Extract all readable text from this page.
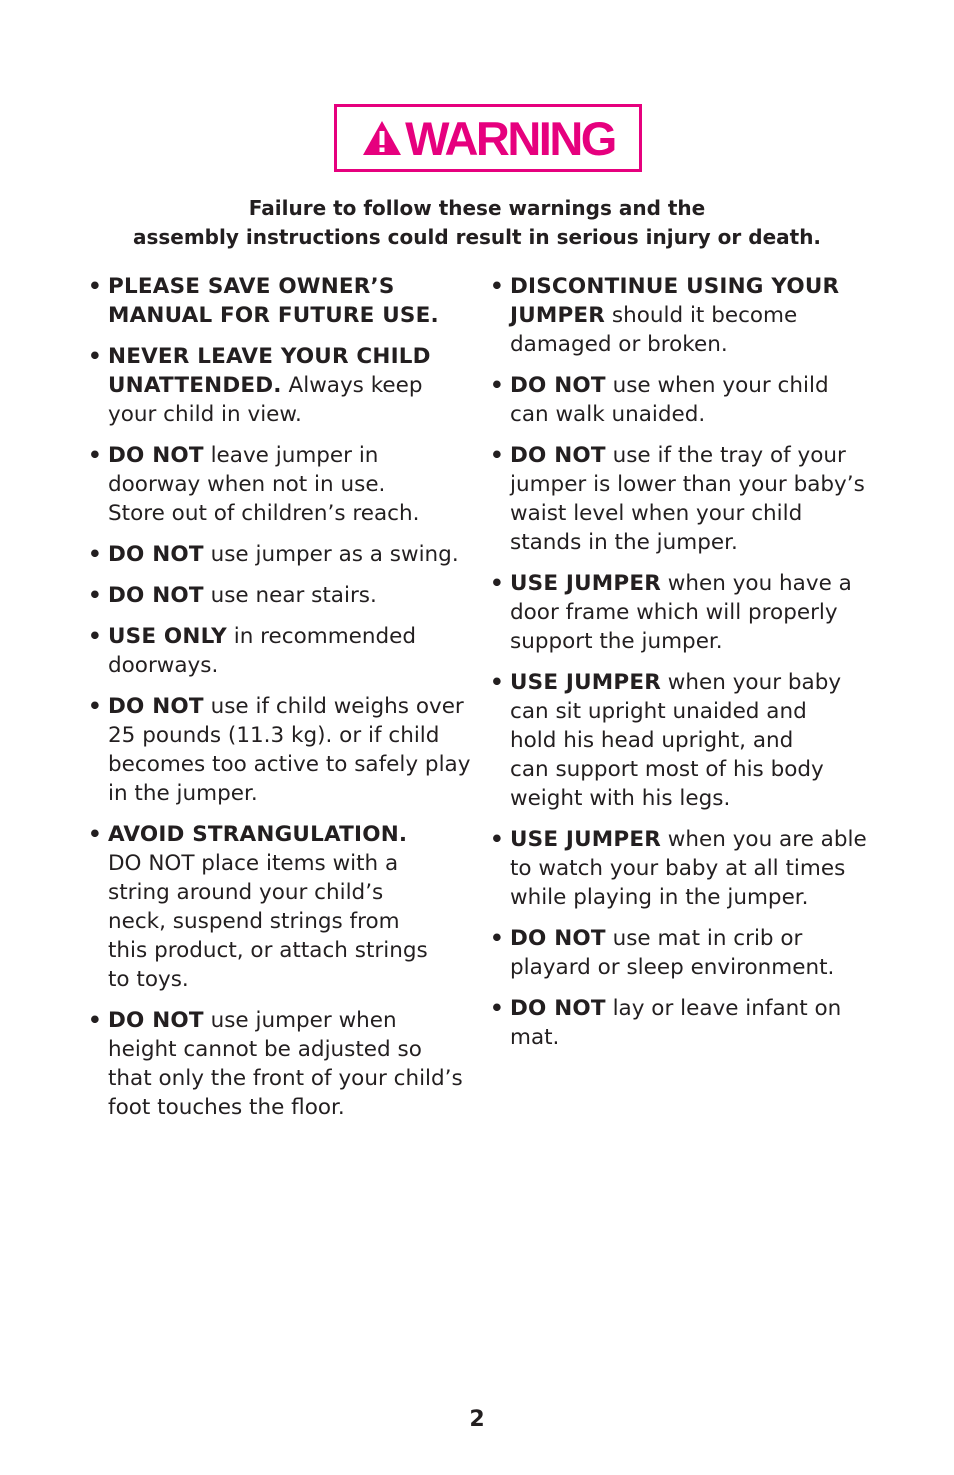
WARNING
Failure to follow these warnings and the
assembly instructions could result in serious injury or death.
• PLEASE SAVE OWNER’S
MANUAL FOR FUTURE USE.
• NEVER LEAVE YOUR CHILD
UNATTENDED. Always keep
your child in view.
• DO NOT leave jumper in
doorway when not in use.
Store out of children’s reach.
• DO NOT use jumper as a swing.
• DO NOT use near stairs.
• USE ONLY in recommended
doorways.
• DO NOT use if child weighs over
25 pounds (11.3 kg). or if child
becomes too active to safely play
in the jumper.
• AVOID STRANGULATION.
DO NOT place items with a
string around your child’s
neck, suspend strings from
this product, or attach strings
to toys.
• DO NOT use jumper when
height cannot be adjusted so
that only the front of your child’s
foot touches the floor.
• DISCONTINUE USING YOUR
JUMPER should it become
damaged or broken.
• DO NOT use when your child
can walk unaided.
• DO NOT use if the tray of your
jumper is lower than your baby’s
waist level when your child
stands in the jumper.
• USE JUMPER when you have a
door frame which will properly
support the jumper.
• USE JUMPER when your baby
can sit upright unaided and
hold his head upright, and
can support most of his body
weight with his legs.
• USE JUMPER when you are able
to watch your baby at all times
while playing in the jumper.
• DO NOT use mat in crib or
playard or sleep environment.
• DO NOT lay or leave infant on
mat.
2
